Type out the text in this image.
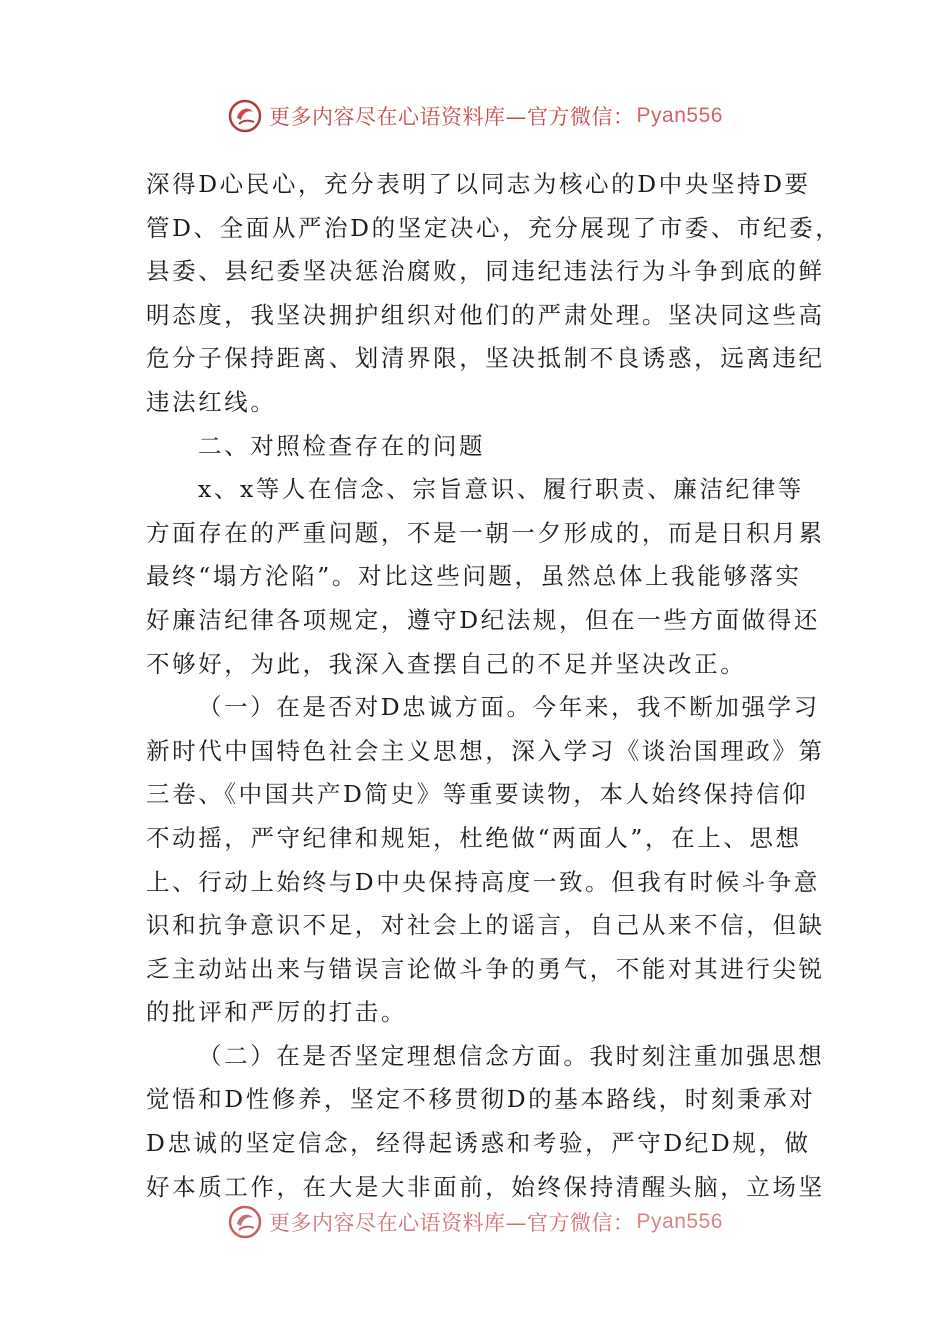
更多内容尽在心语资料库—官方微信： Pyan556
深得D心民心，充分表明了以同志为核心的D中央坚持D要
管D、全面从严治D的坚定决心，充分展现了市委、市纪委，
县委、县纪委坚决惩治腐败，同违纪违法行为斗争到底的鲜
明态度，我坚决拥护组织对他们的严肃处理。坚决同这些高
危分子保持距离、划清界限，坚决抵制不良诱惑，远离违纪
违法红线。
二、对照检查存在的问题
x、x等人在信念、宗旨意识、履行职责、廉洁纪律等
方面存在的严重问题，不是一朝一夕形成的，而是日积月累
最终“塌方沦陷”。对比这些问题，虽然总体上我能够落实
好廉洁纪律各项规定，遵守D纪法规，但在一些方面做得还
不够好，为此，我深入查摆自己的不足并坚决改正。
（一）在是否对D忠诚方面。今年来，我不断加强学习
新时代中国特色社会主义思想，深入学习《谈治国理政》第
三卷、《中国共产D简史》等重要读物，本人始终保持信仰
不动摇，严守纪律和规矩，杜绝做“两面人”，在上、思想
上、行动上始终与D中央保持高度一致。但我有时候斗争意
识和抗争意识不足，对社会上的谣言，自己从来不信，但缺
乏主动站出来与错误言论做斗争的勇气，不能对其进行尖锐
的批评和严厉的打击。
（二）在是否坚定理想信念方面。我时刻注重加强思想
觉悟和D性修养，坚定不移贯彻D的基本路线，时刻秉承对
D忠诚的坚定信念，经得起诱惑和考验，严守D纪D规，做
好本质工作，在大是大非面前，始终保持清醒头脑，立场坚
更多内容尽在心语资料库—官方微信： Pyan556
